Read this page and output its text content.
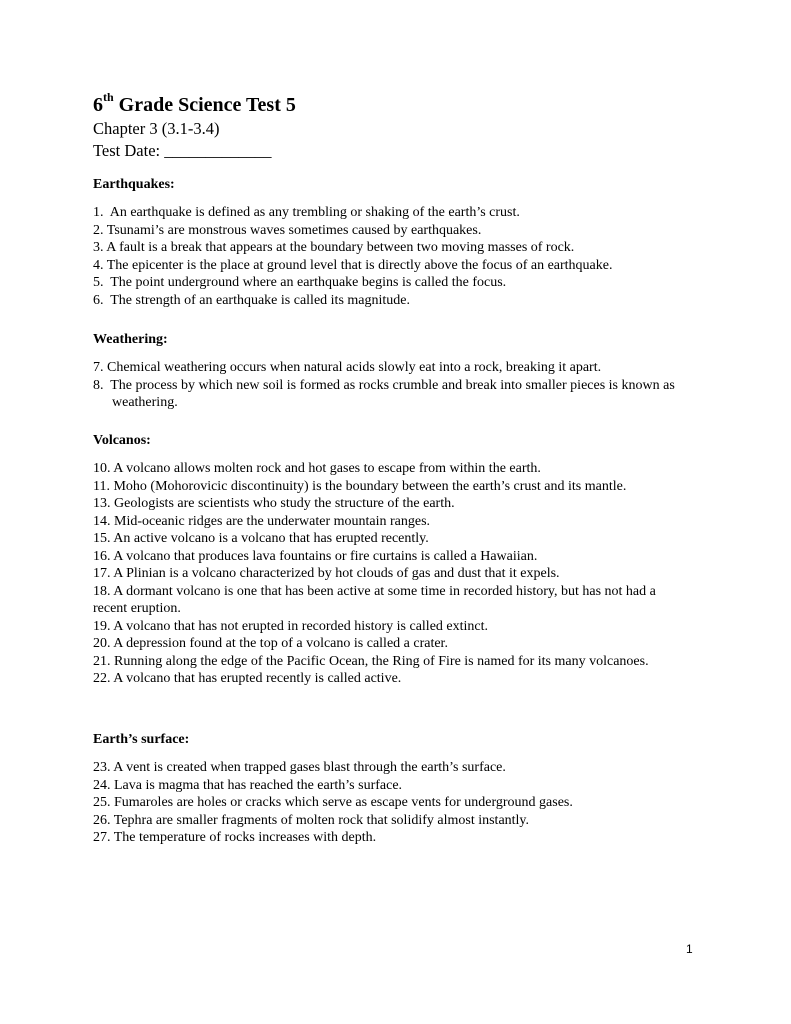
6th Grade Science Test 5
Chapter 3 (3.1-3.4)
Test Date: _____________
Earthquakes:
1.  An earthquake is defined as any trembling or shaking of the earth’s crust.
2. Tsunami’s are monstrous waves sometimes caused by earthquakes.
3. A fault is a break that appears at the boundary between two moving masses of rock.
4. The epicenter is the place at ground level that is directly above the focus of an earthquake.
5.  The point underground where an earthquake begins is called the focus.
6.  The strength of an earthquake is called its magnitude.
Weathering:
7. Chemical weathering occurs when natural acids slowly eat into a rock, breaking it apart.
8.  The process by which new soil is formed as rocks crumble and break into smaller pieces is known as weathering.
Volcanos:
10. A volcano allows molten rock and hot gases to escape from within the earth.
11. Moho (Mohorovicic discontinuity) is the boundary between the earth’s crust and its mantle.
13. Geologists are scientists who study the structure of the earth.
14. Mid-oceanic ridges are the underwater mountain ranges.
15. An active volcano is a volcano that has erupted recently.
16. A volcano that produces lava fountains or fire curtains is called a Hawaiian.
17. A Plinian is a volcano characterized by hot clouds of gas and dust that it expels.
18. A dormant volcano is one that has been active at some time in recorded history, but has not had a recent eruption.
19. A volcano that has not erupted in recorded history is called extinct.
20. A depression found at the top of a volcano is called a crater.
21. Running along the edge of the Pacific Ocean, the Ring of Fire is named for its many volcanoes.
22. A volcano that has erupted recently is called active.
Earth’s surface:
23. A vent is created when trapped gases blast through the earth’s surface.
24. Lava is magma that has reached the earth’s surface.
25. Fumaroles are holes or cracks which serve as escape vents for underground gases.
26. Tephra are smaller fragments of molten rock that solidify almost instantly.
27. The temperature of rocks increases with depth.
1
